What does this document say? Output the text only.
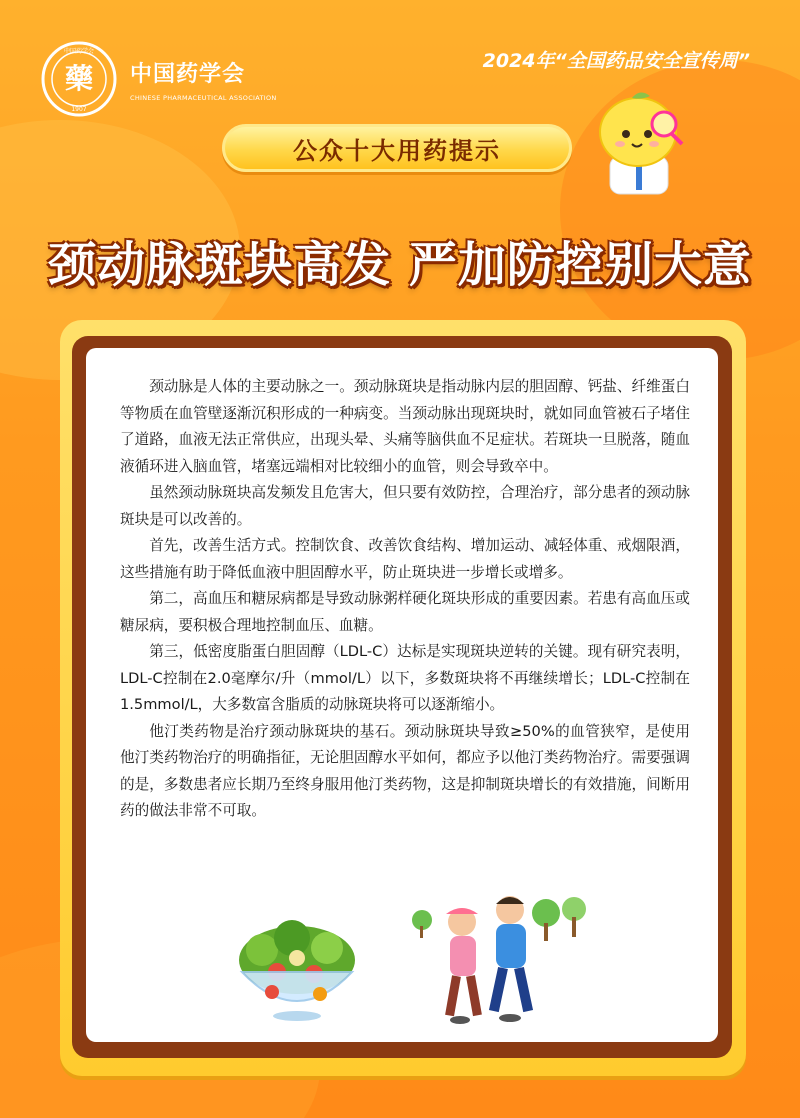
藥
中国药学会
1907
中国药学会
CHINESE PHARMACEUTICAL ASSOCIATION
2024年“全国药品安全宣传周”
公众十大用药提示
颈动脉斑块高发 严加防控别大意

颈动脉是人体的主要动脉之一。颈动脉斑块是指动脉内层的胆固醇、钙盐、纤维蛋白等物质在血管壁逐渐沉积形成的一种病变。当颈动脉出现斑块时，就如同血管被石子堵住了道路，血液无法正常供应，出现头晕、头痛等脑供血不足症状。若斑块一旦脱落，随血液循环进入脑血管，堵塞远端相对比较细小的血管，则会导致卒中。

虽然颈动脉斑块高发频发且危害大，但只要有效防控，合理治疗，部分患者的颈动脉斑块是可以改善的。

首先，改善生活方式。控制饮食、改善饮食结构、增加运动、减轻体重、戒烟限酒，这些措施有助于降低血液中胆固醇水平，防止斑块进一步增长或增多。

第二，高血压和糖尿病都是导致动脉粥样硬化斑块形成的重要因素。若患有高血压或糖尿病，要积极合理地控制血压、血糖。

第三，低密度脂蛋白胆固醇（LDL-C）达标是实现斑块逆转的关键。现有研究表明，LDL-C控制在2.0毫摩尔/升（mmol/L）以下，多数斑块将不再继续增长；LDL-C控制在1.5mmol/L，大多数富含脂质的动脉斑块将可以逐渐缩小。

他汀类药物是治疗颈动脉斑块的基石。颈动脉斑块导致≥50%的血管狭窄，是使用他汀类药物治疗的明确指征，无论胆固醇水平如何，都应予以他汀类药物治疗。需要强调的是，多数患者应长期乃至终身服用他汀类药物，这是抑制斑块增长的有效措施，间断用药的做法非常不可取。
